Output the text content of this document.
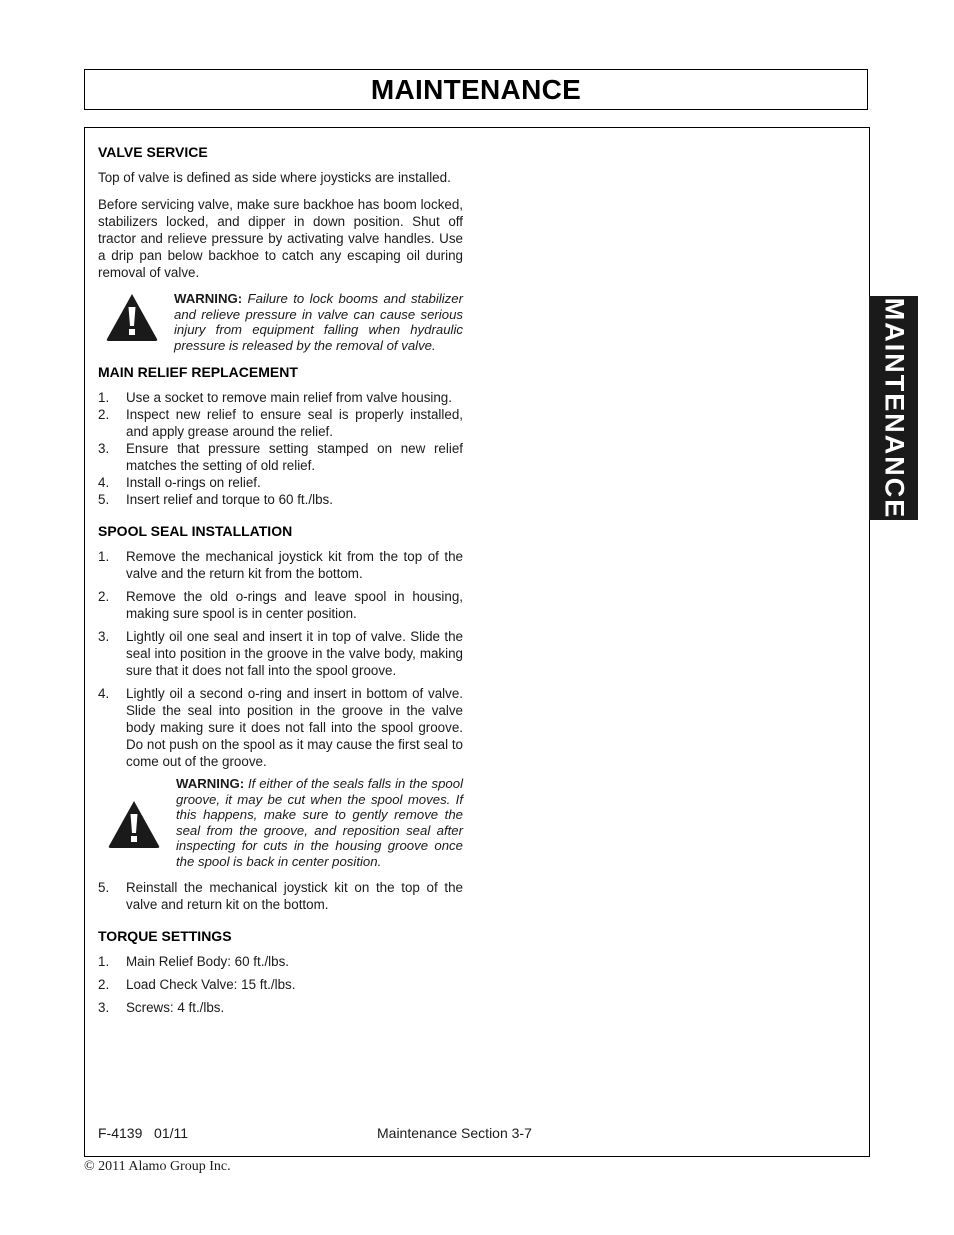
MAINTENANCE
MAINTENANCE
VALVE SERVICE

Top of valve is defined as side where joysticks are installed.

Before servicing valve, make sure backhoe has boom locked, stabilizers locked, and dipper in down position. Shut off tractor and relieve pressure by activating valve handles. Use a drip pan below backhoe to catch any escaping oil during removal of valve.

WARNING: Failure to lock booms and stabilizer and relieve pressure in valve can cause serious injury from equipment falling when hydraulic pressure is released by the removal of valve.
MAIN RELIEF REPLACEMENT
1.	Use a socket to remove main relief from valve housing.
2.	Inspect new relief to ensure seal is properly installed, and apply grease around the relief.
3.	Ensure that pressure setting stamped on new relief matches the setting of old relief.
4.	Install o-rings on relief.
5.	Insert relief and torque to 60 ft./lbs.
SPOOL SEAL INSTALLATION
1.	Remove the mechanical joystick kit from the top of the valve and the return kit from the bottom.
2.	Remove the old o-rings and leave spool in housing, making sure spool is in center position.
3.	Lightly oil one seal and insert it in top of valve. Slide the seal into position in the groove in the valve body, making sure that it does not fall into the spool groove.
4.	Lightly oil a second o-ring and insert in bottom of valve. Slide the seal into position in the groove in the valve body making sure it does not fall into the spool groove. Do not push on the spool as it may cause the first seal to come out of the groove.
WARNING: If either of the seals falls in the spool groove, it may be cut when the spool moves. If this happens, make sure to gently remove the seal from the groove, and reposition seal after inspecting for cuts in the housing groove once the spool is back in center position.
5.	Reinstall the mechanical joystick kit on the top of the valve and return kit on the bottom.
TORQUE SETTINGS
1.	Main Relief Body: 60 ft./lbs.
2.	Load Check Valve: 15 ft./lbs.
3.	Screws: 4 ft./lbs.
F-4139   01/11	Maintenance Section 3-7
© 2011 Alamo Group Inc.
